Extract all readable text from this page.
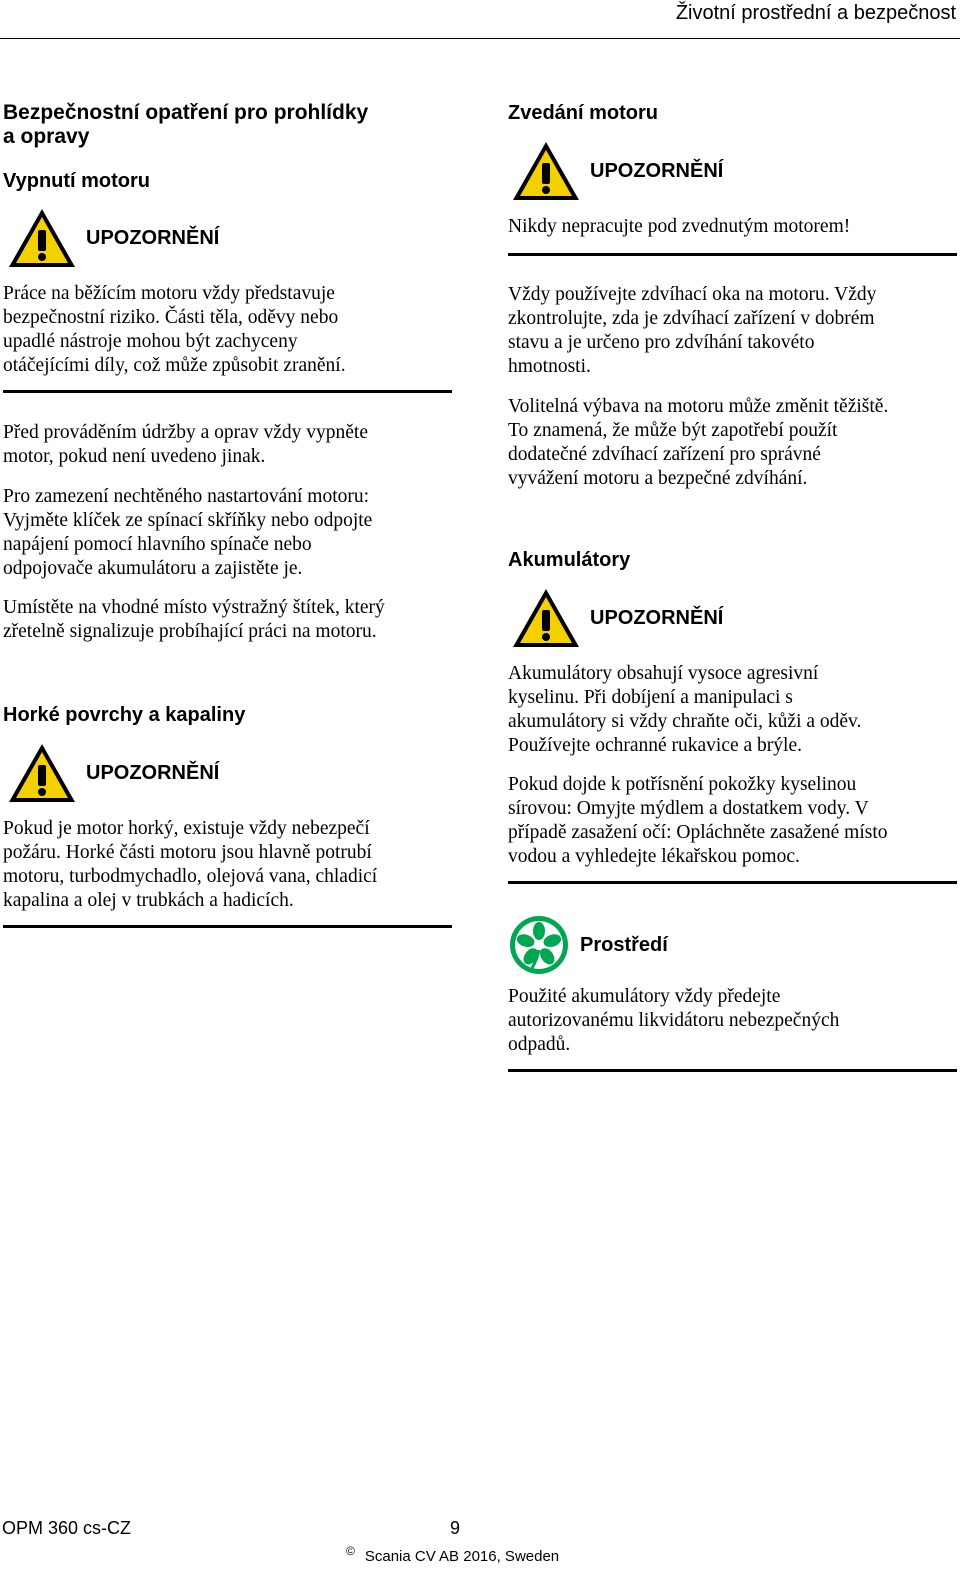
Životní prostřední a bezpečnost
Bezpečnostní opatření pro prohlídky
a opravy
Vypnutí motoru
UPOZORNĚNÍ
Práce na běžícím motoru vždy představuje
bezpečnostní riziko. Části těla, oděvy nebo
upadlé nástroje mohou být zachyceny
otáčejícími díly, což může způsobit zranění.
Před prováděním údržby a oprav vždy vypněte
motor, pokud není uvedeno jinak.
Pro zamezení nechtěného nastartování motoru:
Vyjměte klíček ze spínací skříňky nebo odpojte
napájení pomocí hlavního spínače nebo
odpojovače akumulátoru a zajistěte je.
Umístěte na vhodné místo výstražný štítek, který
zřetelně signalizuje probíhající práci na motoru.
Horké povrchy a kapaliny
UPOZORNĚNÍ
Pokud je motor horký, existuje vždy nebezpečí
požáru. Horké části motoru jsou hlavně potrubí
motoru, turbodmychadlo, olejová vana, chladicí
kapalina a olej v trubkách a hadicích.
Zvedání motoru
UPOZORNĚNÍ
Nikdy nepracujte pod zvednutým motorem!
Vždy používejte zdvíhací oka na motoru. Vždy
zkontrolujte, zda je zdvíhací zařízení v dobrém
stavu a je určeno pro zdvíhání takovéto
hmotnosti.
Volitelná výbava na motoru může změnit těžiště.
To znamená, že může být zapotřebí použít
dodatečné zdvíhací zařízení pro správné
vyvážení motoru a bezpečné zdvíhání.
Akumulátory
UPOZORNĚNÍ
Akumulátory obsahují vysoce agresivní
kyselinu. Při dobíjení a manipulaci s
akumulátory si vždy chraňte oči, kůži a oděv.
Používejte ochranné rukavice a brýle.
Pokud dojde k potřísnění pokožky kyselinou
sírovou: Omyjte mýdlem a dostatkem vody. V
případě zasažení očí: Opláchněte zasažené místo
vodou a vyhledejte lékařskou pomoc.
Prostředí
Použité akumulátory vždy předejte
autorizovanému likvidátoru nebezpečných
odpadů.
OPM 360 cs-CZ	9
© Scania CV AB 2016, Sweden
